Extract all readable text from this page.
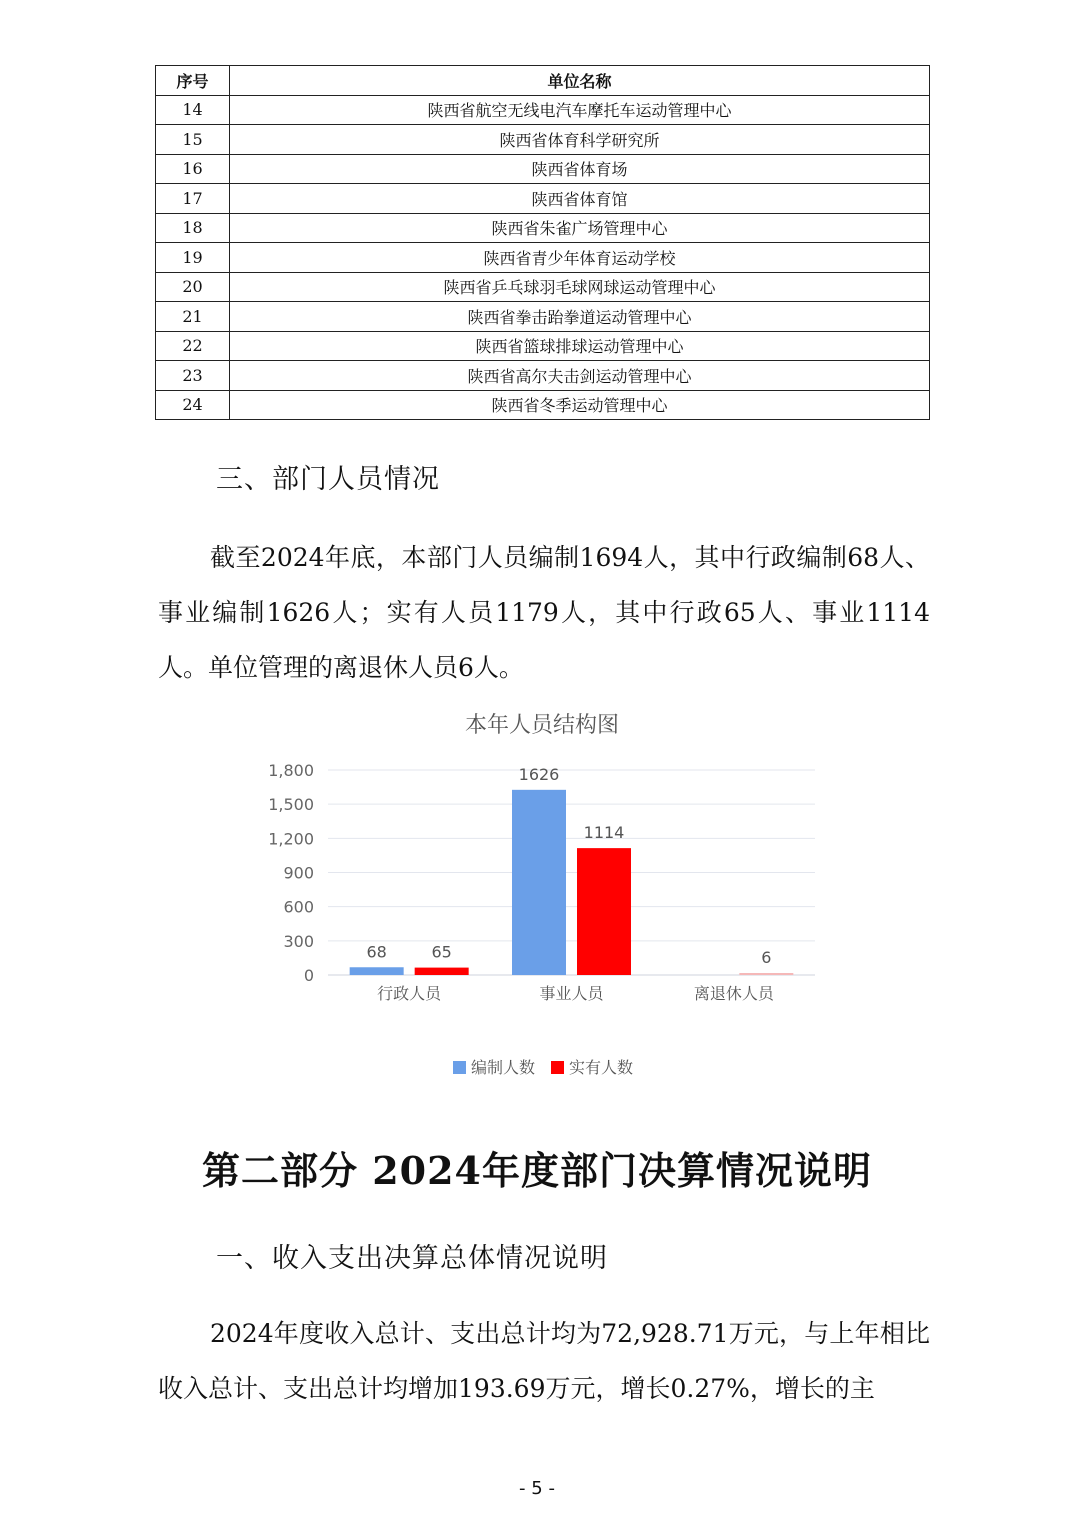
序号	单位名称
14	陕西省航空无线电汽车摩托车运动管理中心
15	陕西省体育科学研究所
16	陕西省体育场
17	陕西省体育馆
18	陕西省朱雀广场管理中心
19	陕西省青少年体育运动学校
20	陕西省乒乓球羽毛球网球运动管理中心
21	陕西省拳击跆拳道运动管理中心
22	陕西省篮球排球运动管理中心
23	陕西省高尔夫击剑运动管理中心
24	陕西省冬季运动管理中心
三、部门人员情况

截至2024年底，本部门人员编制1694人，其中行政编制68人、事业编制1626人；实有人员1179人，其中行政65人、事业1114人。单位管理的离退休人员6人。

本年人员结构图
0
300
600
900
1,200
1,500
1,800
68	65
1626
1114
6
行政人员	事业人员	离退休人员
编制人数 实有人数
第二部分 2024年度部门决算情况说明
一、收入支出决算总体情况说明

2024年度收入总计、支出总计均为72,928.71万元，与上年相比收入总计、支出总计均增加193.69万元，增长0.27%，增长的主

- 5 -
